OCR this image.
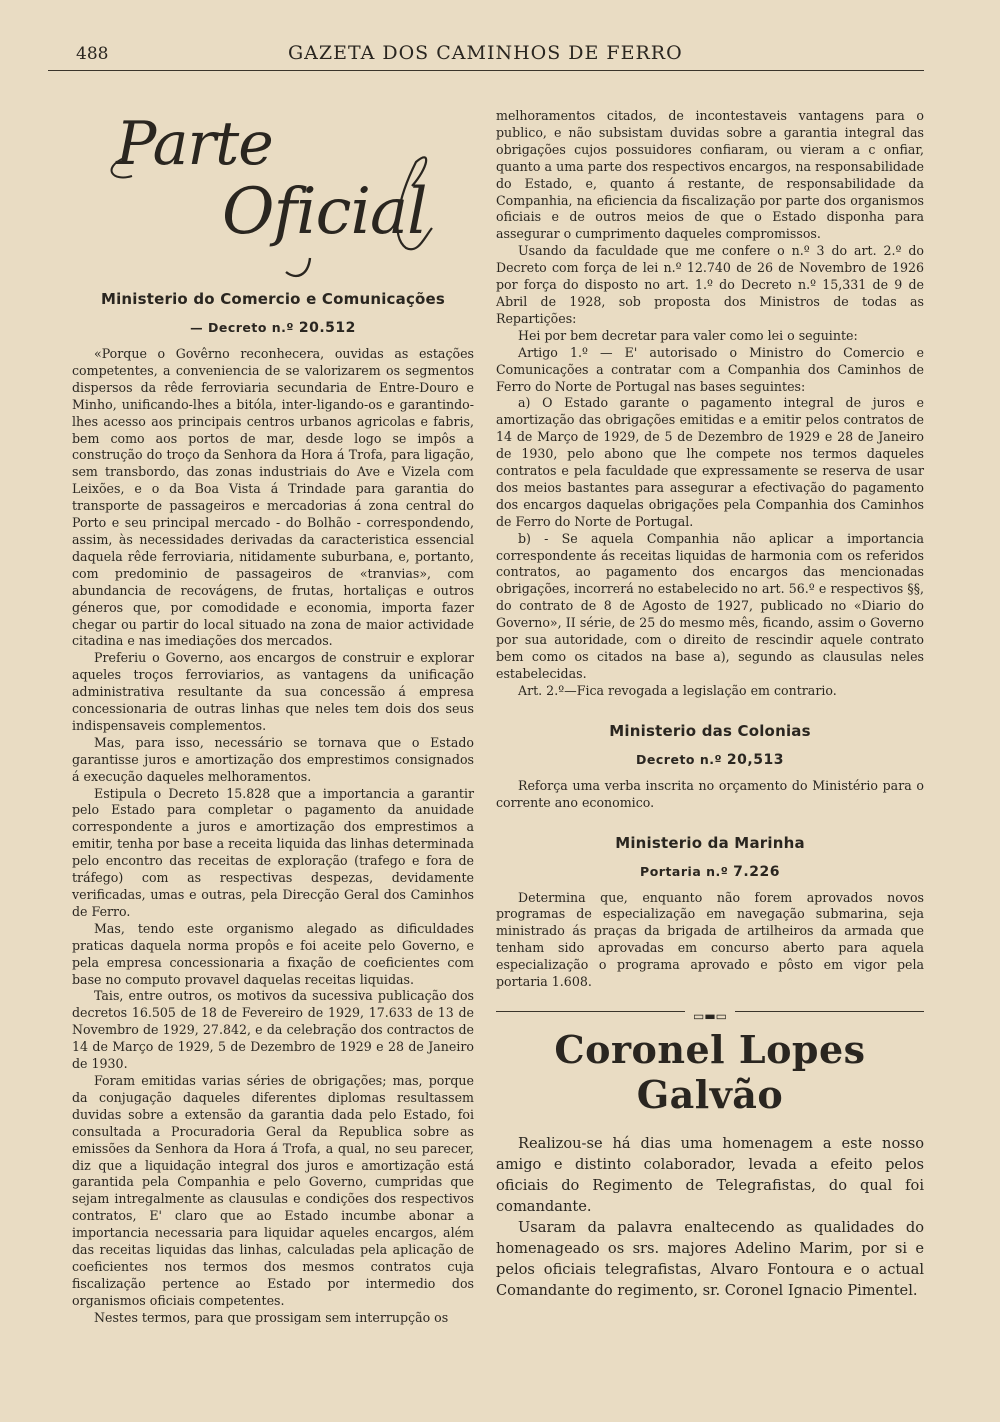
488	GAZETA DOS CAMINHOS DE FERRO
Parte
Oficial
Ministerio do Comercio e Comunicações
— Decreto n.º 20.512

«Porque o Govêrno reconhecera, ouvidas as estações competentes, a conveniencia de se valorizarem os segmentos dispersos da rêde ferroviaria secundaria de Entre-Douro e Minho, unificando-lhes a bitóla, inter-ligando-os e garantindo-lhes acesso aos principais centros urbanos agricolas e fabris, bem como aos portos de mar, desde logo se impôs a construção do troço da Senhora da Hora á Trofa, para ligação, sem transbordo, das zonas industriais do Ave e Vizela com Leixões, e o da Boa Vista á Trindade para garantia do transporte de passageiros e mercadorias á zona central do Porto e seu principal mercado - do Bolhão - correspondendo, assim, às necessidades derivadas da caracteristica essencial daquela rêde ferroviaria, nitidamente suburbana, e, portanto, com predominio de passageiros de «tranvias», com abundancia de recovágens, de frutas, hortaliças e outros géneros que, por comodidade e economia, importa fazer chegar ou partir do local situado na zona de maior actividade citadina e nas imediações dos mercados.

Preferiu o Governo, aos encargos de construir e explorar aqueles troços ferroviarios, as vantagens da unificação administrativa resultante da sua concessão á empresa concessionaria de outras linhas que neles tem dois dos seus indispensaveis complementos.

Mas, para isso, necessário se tornava que o Estado garantisse juros e amortização dos emprestimos consignados á execução daqueles melhoramentos.

Estipula o Decreto 15.828 que a importancia a garantir pelo Estado para completar o pagamento da anuidade correspondente a juros e amortização dos emprestimos a emitir, tenha por base a receita liquida das linhas determinada pelo encontro das receitas de exploração (trafego e fora de tráfego) com as respectivas despezas, devidamente verificadas, umas e outras, pela Direcção Geral dos Caminhos de Ferro.

Mas, tendo este organismo alegado as dificuldades praticas daquela norma propôs e foi aceite pelo Governo, e pela empresa concessionaria a fixação de coeficientes com base no computo provavel daquelas receitas liquidas.

Tais, entre outros, os motivos da sucessiva publicação dos decretos 16.505 de 18 de Fevereiro de 1929, 17.633 de 13 de Novembro de 1929, 27.842, e da celebração dos contractos de 14 de Março de 1929, 5 de Dezembro de 1929 e 28 de Janeiro de 1930.

Foram emitidas varias séries de obrigações; mas, porque da conjugação daqueles diferentes diplomas resultassem duvidas sobre a extensão da garantia dada pelo Estado, foi consultada a Procuradoria Geral da Republica sobre as emissões da Senhora da Hora á Trofa, a qual, no seu parecer, diz que a liquidação integral dos juros e amortização está garantida pela Companhia e pelo Governo, cumpridas que sejam intregalmente as clausulas e condições dos respectivos contratos, E' claro que ao Estado incumbe abonar a importancia necessaria para liquidar aqueles encargos, além das receitas liquidas das linhas, calculadas pela aplicação de coeficientes nos termos dos mesmos contratos cuja fiscalização pertence ao Estado por intermedio dos organismos oficiais competentes.

Nestes termos, para que prossigam sem interrupção os

melhoramentos citados, de incontestaveis vantagens para o publico, e não subsistam duvidas sobre a garantia integral das obrigações cujos possuidores confiaram, ou vieram a c onfiar, quanto a uma parte dos respectivos encargos, na responsabilidade do Estado, e, quanto á restante, de responsabilidade da Companhia, na eficiencia da fiscalização por parte dos organismos oficiais e de outros meios de que o Estado disponha para assegurar o cumprimento daqueles compromissos.

Usando da faculdade que me confere o n.º 3 do art. 2.º do Decreto com força de lei n.º 12.740 de 26 de Novembro de 1926 por força do disposto no art. 1.º do Decreto n.º 15,331 de 9 de Abril de 1928, sob proposta dos Ministros de todas as Repartições:

Hei por bem decretar para valer como lei o seguinte:

Artigo 1.º — E' autorisado o Ministro do Comercio e Comunicações a contratar com a Companhia dos Caminhos de Ferro do Norte de Portugal nas bases seguintes:

a) O Estado garante o pagamento integral de juros e amortização das obrigações emitidas e a emitir pelos contratos de 14 de Março de 1929, de 5 de Dezembro de 1929 e 28 de Janeiro de 1930, pelo abono que lhe compete nos termos daqueles contratos e pela faculdade que expressamente se reserva de usar dos meios bastantes para assegurar a efectivação do pagamento dos encargos daquelas obrigações pela Companhia dos Caminhos de Ferro do Norte de Portugal.

b) - Se aquela Companhia não aplicar a importancia correspondente ás receitas liquidas de harmonia com os referidos contratos, ao pagamento dos encargos das mencionadas obrigações, incorrerá no estabelecido no art. 56.º e respectivos §§, do contrato de 8 de Agosto de 1927, publicado no «Diario do Governo», II série, de 25 do mesmo mês, ficando, assim o Governo por sua autoridade, com o direito de rescindir aquele contrato bem como os citados na base a), segundo as clausulas neles estabelecidas.

Art. 2.º—Fica revogada a legislação em contrario.

Ministerio das Colonias
Decreto n.º 20,513

Reforça uma verba inscrita no orçamento do Ministério para o corrente ano economico.

Ministerio da Marinha
Portaria n.º 7.226

Determina que, enquanto não forem aprovados novos programas de especialização em navegação submarina, seja ministrado ás praças da brigada de artilheiros da armada que tenham sido aprovadas em concurso aberto para aquela especialização o programa aprovado e pôsto em vigor pela portaria 1.608.

▭▬▭
Coronel Lopes Galvão

Realizou-se há dias uma homenagem a este nosso amigo e distinto colaborador, levada a efeito pelos oficiais do Regimento de Telegrafistas, do qual foi comandante.

Usaram da palavra enaltecendo as qualidades do homenageado os srs. majores Adelino Marim, por si e pelos oficiais telegrafistas, Alvaro Fontoura e o actual Comandante do regimento, sr. Coronel Ignacio Pimentel.
